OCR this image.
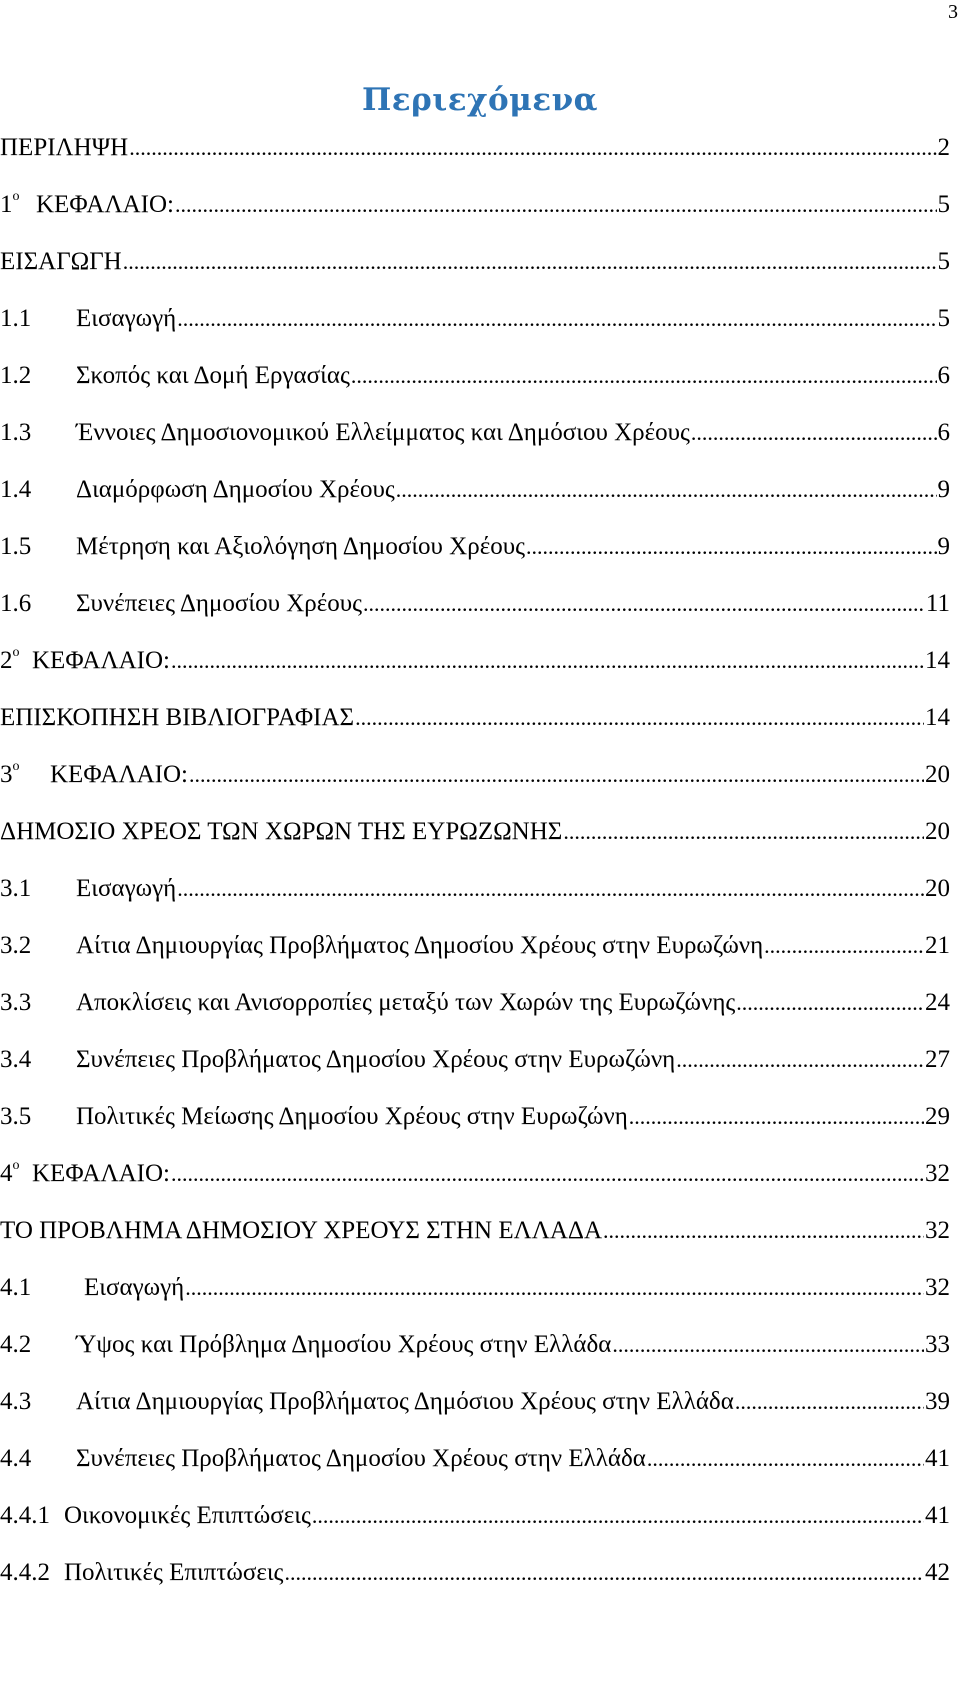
3
Περιεχόμενα
ΠΕΡΙΛΗΨΗ .....	2
$1^o$ ΚΕΦΑΛΑΙΟ: .....	5
ΕΙΣΑΓΩΓΗ .....	5
1.1	Εισαγωγή .....	5
1.2	Σκοπός και Δομή Εργασίας .....	6
1.3	Έννοιες Δημοσιονομικού Ελλείμματος και Δημόσιου Χρέους .....	6
1.4	Διαμόρφωση Δημοσίου Χρέους .....	9
1.5	Μέτρηση και Αξιολόγηση Δημοσίου Χρέους .....	9
1.6	Συνέπειες Δημοσίου Χρέους .....	11
$2^o$ ΚΕΦΑΛΑΙΟ: .....	14
ΕΠΙΣΚΟΠΗΣΗ ΒΙΒΛΙΟΓΡΑΦΙΑΣ .....	14
$3^o$	ΚΕΦΑΛΑΙΟ: .....	20
ΔΗΜΟΣΙΟ ΧΡΕΟΣ ΤΩΝ ΧΩΡΩΝ ΤΗΣ ΕΥΡΩΖΩΝΗΣ .....	20
3.1	Εισαγωγή .....	20
3.2	Αίτια Δημιουργίας Προβλήματος Δημοσίου Χρέους στην Ευρωζώνη .....	21
3.3	Αποκλίσεις και Ανισορροπίες μεταξύ των Χωρών της Ευρωζώνης .....	24
3.4	Συνέπειες Προβλήματος Δημοσίου Χρέους στην Ευρωζώνη .....	27
3.5	Πολιτικές Μείωσης Δημοσίου Χρέους στην Ευρωζώνη .....	29
$4^o$ ΚΕΦΑΛΑΙΟ: .....	32
ΤΟ ΠΡΟΒΛΗΜΑ ΔΗΜΟΣΙΟΥ ΧΡΕΟΥΣ ΣΤΗΝ ΕΛΛΑΔΑ .....	32
4.1	Εισαγωγή .....	32
4.2	Ύψος και Πρόβλημα Δημοσίου Χρέους στην Ελλάδα .....	33
4.3	Αίτια Δημιουργίας Προβλήματος Δημόσιου Χρέους στην Ελλάδα .....	39
4.4	Συνέπειες Προβλήματος Δημοσίου Χρέους στην Ελλάδα .....	41
4.4.1 Οικονομικές Επιπτώσεις .....	41
4.4.2 Πολιτικές Επιπτώσεις .....	42
